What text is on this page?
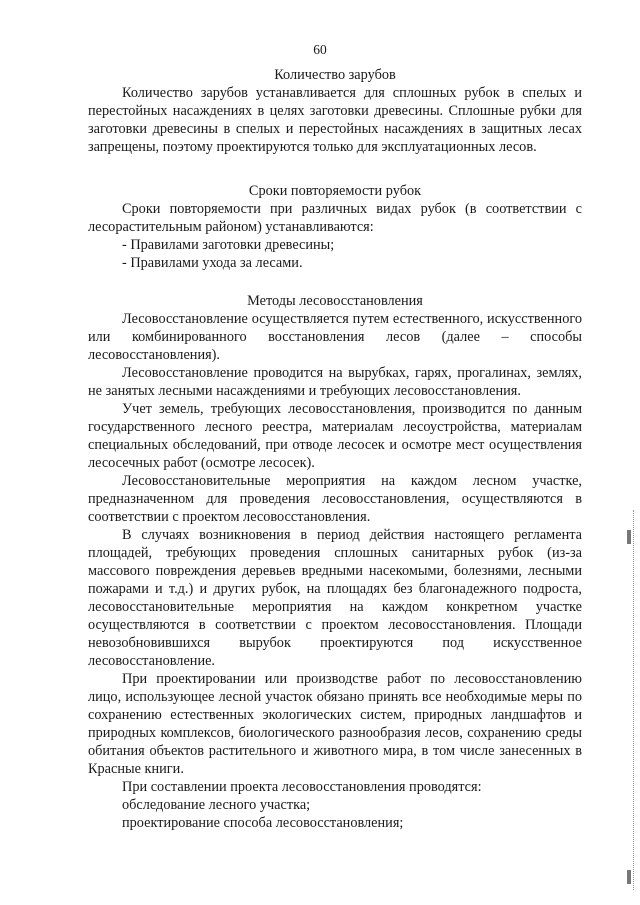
60
Количество зарубов

Количество зарубов устанавливается для сплошных рубок в спелых и перестойных насаждениях в целях заготовки древесины. Сплошные рубки для заготовки древесины в спелых и перестойных насаждениях в защитных лесах запрещены, поэтому проектируются только для эксплуатационных лесов.

Сроки повторяемости рубок

Сроки повторяемости при различных видах рубок (в соответствии с лесорастительным районом) устанавливаются:

- Правилами заготовки древесины;

- Правилами ухода за лесами.

Методы лесовосстановления

Лесовосстановление осуществляется путем естественного, искусственного или комбинированного восстановления лесов (далее – способы лесовосстановления).

Лесовосстановление проводится на вырубках, гарях, прогалинах, землях, не занятых лесными насаждениями и требующих лесовосстановления.

Учет земель, требующих лесовосстановления, производится по данным государственного лесного реестра, материалам лесоустройства, материалам специальных обследований, при отводе лесосек и осмотре мест осуществления лесосечных работ (осмотре лесосек).

Лесовосстановительные мероприятия на каждом лесном участке, предназначенном для проведения лесовосстановления, осуществляются в соответствии с проектом лесовосстановления.

В случаях возникновения в период действия настоящего регламента площадей, требующих проведения сплошных санитарных рубок (из-за массового повреждения деревьев вредными насекомыми, болезнями, лесными пожарами и т.д.) и других рубок, на площадях без благонадежного подроста, лесовосстановительные мероприятия на каждом конкретном участке осуществляются в соответствии с проектом лесовосстановления. Площади невозобновившихся вырубок проектируются под искусственное лесовосстановление.

При проектировании или производстве работ по лесовосстановлению лицо, использующее лесной участок обязано принять все необходимые меры по сохранению естественных экологических систем, природных ландшафтов и природных комплексов, биологического разнообразия лесов, сохранению среды обитания объектов растительного и животного мира, в том числе занесенных в Красные книги.

При составлении проекта лесовосстановления проводятся:

обследование лесного участка;

проектирование способа лесовосстановления;
